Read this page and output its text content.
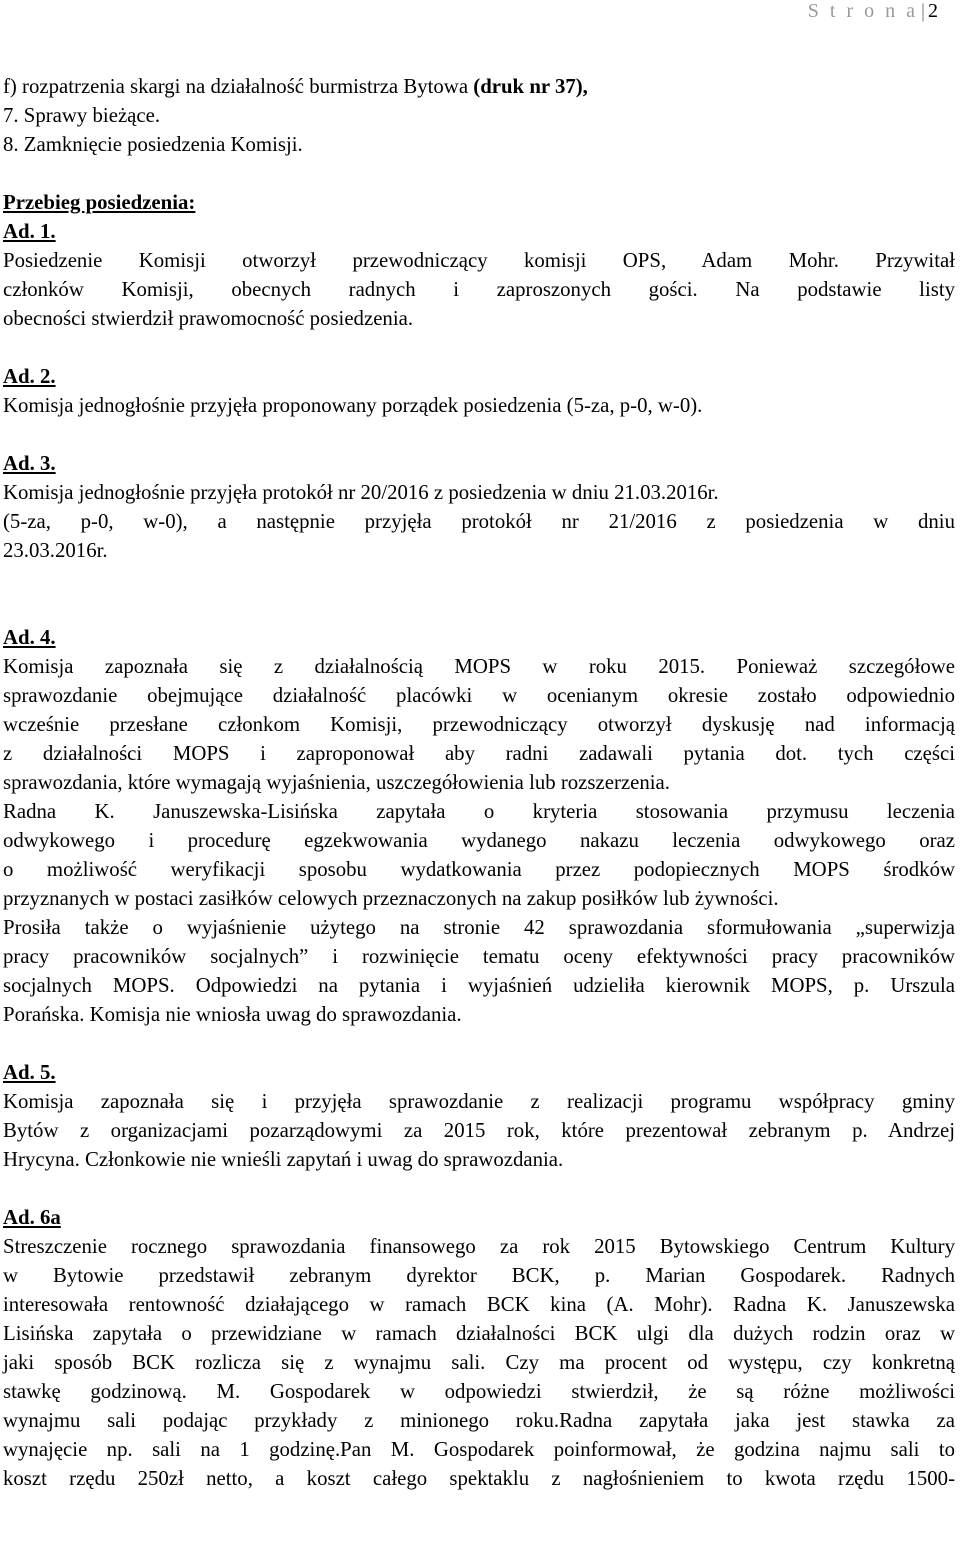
S t r o n a | 2
f) rozpatrzenia skargi na działalność burmistrza Bytowa (druk nr 37),
7. Sprawy bieżące.
8. Zamknięcie posiedzenia Komisji.
Przebieg posiedzenia:
Ad. 1.
Posiedzenie Komisji otworzył przewodniczący komisji OPS, Adam Mohr. Przywitał
członków Komisji, obecnych radnych i zaproszonych gości. Na podstawie listy
obecności stwierdził prawomocność posiedzenia.
Ad. 2.
Komisja jednogłośnie przyjęła proponowany porządek posiedzenia (5-za, p-0, w-0).
Ad. 3.
Komisja jednogłośnie przyjęła protokół nr 20/2016 z posiedzenia w dniu 21.03.2016r.
(5-za, p-0, w-0), a następnie przyjęła protokół nr 21/2016 z posiedzenia w dniu
23.03.2016r.
Ad. 4.
Komisja zapoznała się z działalnością MOPS w roku 2015. Ponieważ szczegółowe
sprawozdanie obejmujące działalność placówki w ocenianym okresie zostało odpowiednio
wcześnie przesłane członkom Komisji, przewodniczący otworzył dyskusję nad informacją
z działalności MOPS i zaproponował aby radni zadawali pytania dot. tych części
sprawozdania, które wymagają wyjaśnienia, uszczegółowienia lub rozszerzenia.
Radna K. Januszewska-Lisińska zapytała o kryteria stosowania przymusu leczenia
odwykowego i procedurę egzekwowania wydanego nakazu leczenia odwykowego oraz
o możliwość weryfikacji sposobu wydatkowania przez podopiecznych MOPS środków
przyznanych w postaci zasiłków celowych przeznaczonych na zakup posiłków lub żywności.
Prosiła także o wyjaśnienie użytego na stronie 42 sprawozdania sformułowania „superwizja
pracy pracowników socjalnych” i rozwinięcie tematu oceny efektywności pracy pracowników
socjalnych MOPS. Odpowiedzi na pytania i wyjaśnień udzieliła kierownik MOPS, p. Urszula
Porańska. Komisja nie wniosła uwag do sprawozdania.
Ad. 5.
Komisja zapoznała się i przyjęła sprawozdanie z realizacji programu współpracy gminy
Bytów z organizacjami pozarządowymi za 2015 rok, które prezentował zebranym p. Andrzej
Hrycyna. Członkowie nie wnieśli zapytań i uwag do sprawozdania.
Ad. 6a
Streszczenie rocznego sprawozdania finansowego za rok 2015 Bytowskiego Centrum Kultury
w Bytowie przedstawił zebranym dyrektor BCK, p. Marian Gospodarek. Radnych
interesowała rentowność działającego w ramach BCK kina (A. Mohr). Radna K. Januszewska
Lisińska zapytała o przewidziane w ramach działalności BCK ulgi dla dużych rodzin oraz w
jaki sposób BCK rozlicza się z wynajmu sali. Czy ma procent od występu, czy konkretną
stawkę godzinową. M. Gospodarek w odpowiedzi stwierdził, że są różne możliwości
wynajmu sali podając przykłady z minionego roku.Radna zapytała jaka jest stawka za
wynajęcie np. sali na 1 godzinę.Pan M. Gospodarek poinformował, że godzina najmu sali to
koszt rzędu 250zł netto, a koszt całego spektaklu z nagłośnieniem to kwota rzędu 1500-
